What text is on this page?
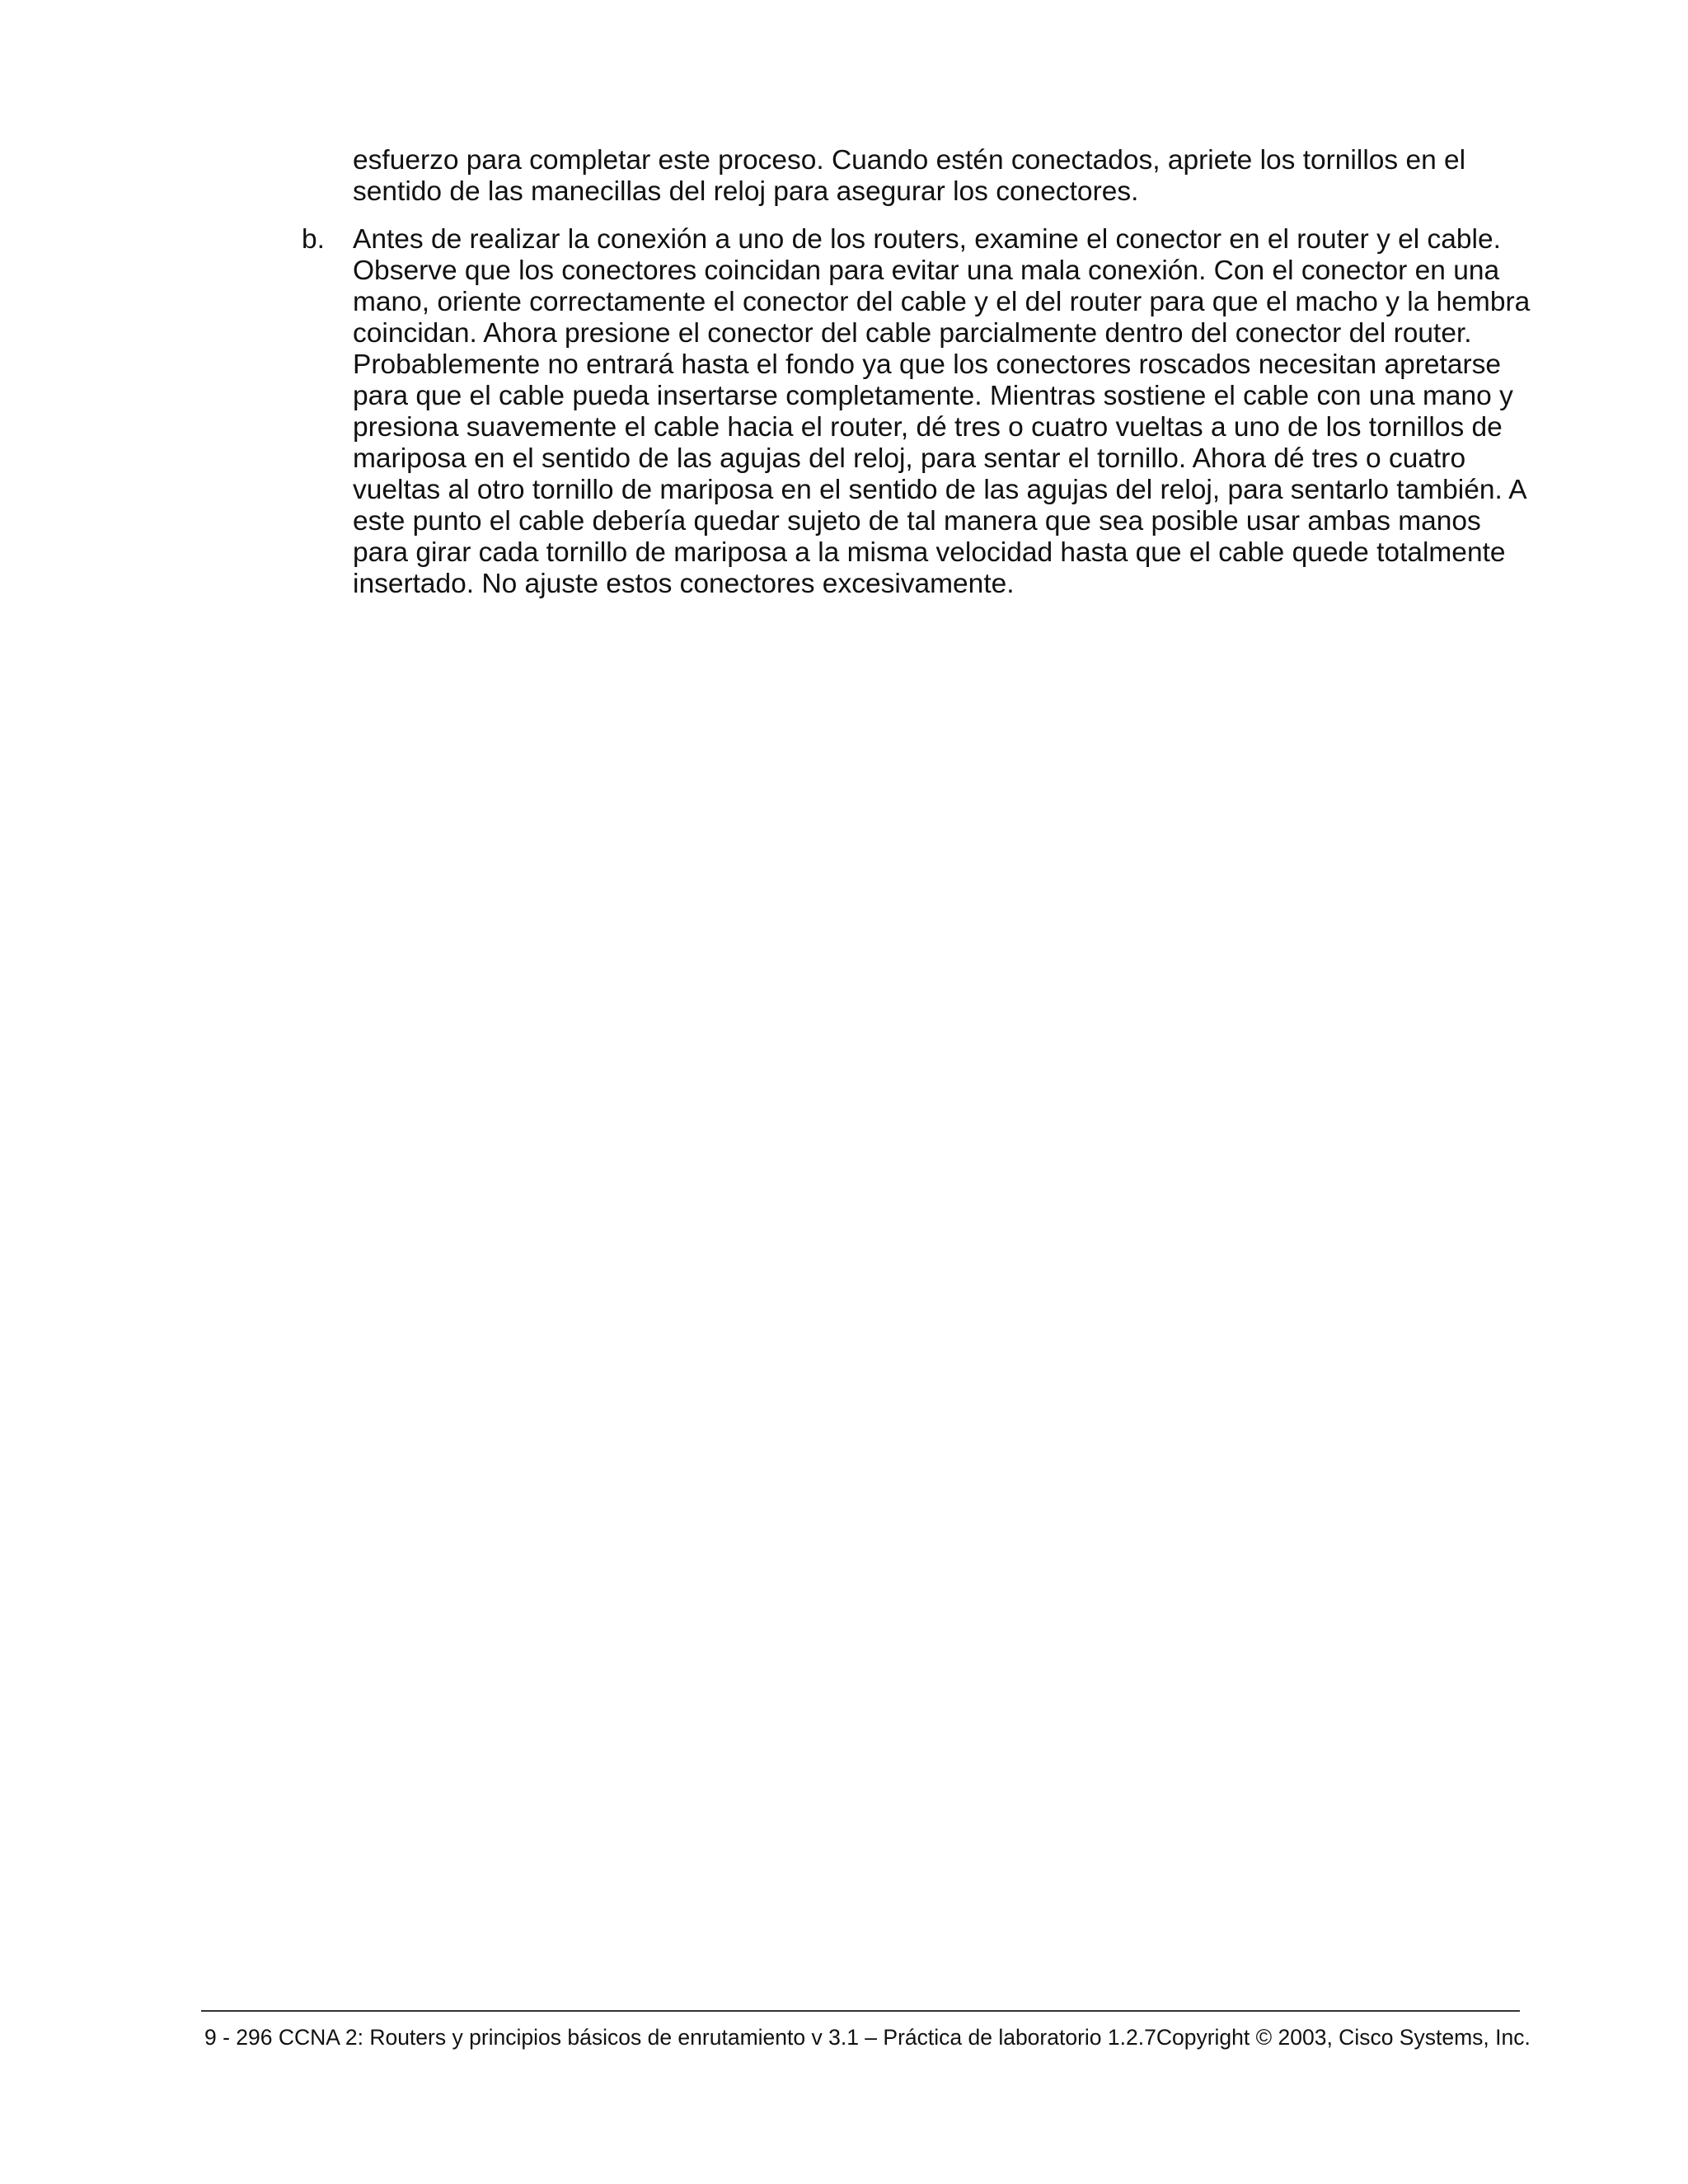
esfuerzo para completar este proceso. Cuando estén conectados, apriete los tornillos en el
sentido de las manecillas del reloj para asegurar los conectores.

b. Antes de realizar la conexión a uno de los routers, examine el conector en el router y el cable.
Observe que los conectores coincidan para evitar una mala conexión. Con el conector en una
mano, oriente correctamente el conector del cable y el del router para que el macho y la hembra
coincidan. Ahora presione el conector del cable parcialmente dentro del conector del router.
Probablemente no entrará hasta el fondo ya que los conectores roscados necesitan apretarse
para que el cable pueda insertarse completamente. Mientras sostiene el cable con una mano y
presiona suavemente el cable hacia el router, dé tres o cuatro vueltas a uno de los tornillos de
mariposa en el sentido de las agujas del reloj, para sentar el tornillo. Ahora dé tres o cuatro
vueltas al otro tornillo de mariposa en el sentido de las agujas del reloj, para sentarlo también. A
este punto el cable debería quedar sujeto de tal manera que sea posible usar ambas manos
para girar cada tornillo de mariposa a la misma velocidad hasta que el cable quede totalmente
insertado. No ajuste estos conectores excesivamente.
9 - 296 CCNA 2: Routers y principios básicos de enrutamiento v 3.1 – Práctica de laboratorio 1.2.7Copyright © 2003, Cisco Systems, Inc.
